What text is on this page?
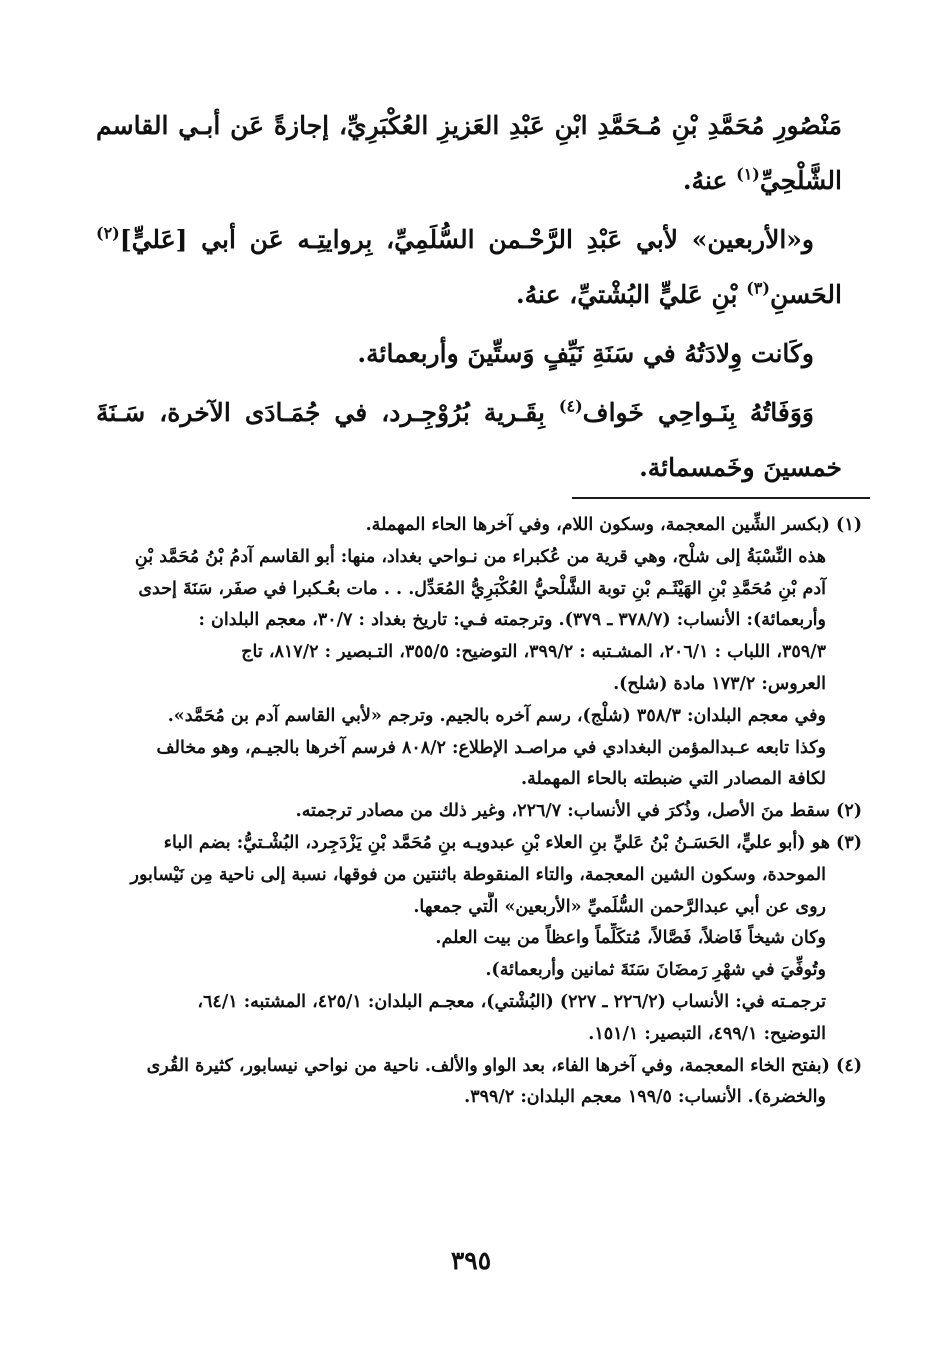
مَنْصُورِ مُحَمَّدِ بْنِ مُـحَمَّدِ ابْنِ عَبْدِ العَزيزِ العُكْبَرِيِّ، إجازةً عَن أبـي القاسم الشَّلْحِيِّ$^{(١)}$ عنهُ.

و«الأربعين» لأبي عَبْدِ الرَّحْـمن السُّلَمِيِّ، بِروايتِـه عَن أبي [عَليٍّ]$^{(٢)}$ الحَسنِ$^{(٣)}$ بْنِ عَليٍّ البُشْتيِّ، عنهُ.

وكَانت وِلادَتُهُ في سَنَةِ نَيِّفٍ وَستِّينَ وأربعمائة.

وَوَفَاتُهُ بِنَـواحِي خَواف$^{(٤)}$ بِقَـرية بُرُوْجِـرد، في جُمَـادَى الآخرة، سَـنَةَ خمسينَ وخَمسمائة.

(١) (بكسر الشِّين المعجمة، وسكون اللام، وفي آخرها الحاء المهملة.
هذه النِّسْبَةُ إلى شلْح، وهي قرية من عُكبراء من نـواحي بغداد، منها: أبو القاسم آدمُ بْنُ مُحَمَّد بْنِ
آدم بْنِ مُحَمَّدِ بْنِ الهَيْثَـم بْنِ توبة الشَّلْحيُّ العُكْبَرِيُّ المُعَدِّل. . . مات بعُـكبرا في صفَر، سَنَةَ إحدى
وأربعمائة): الأنساب: (٣٧٨/٧ ـ ٣٧٩). وترجمته فـي: تاريخ بغداد : ٣٠/٧، معجم البلدان :
٣٥٩/٣، اللباب : ٢٠٦/١، المشـتبه : ٣٩٩/٢، التوضيح: ٣٥٥/٥، التـبصير : ٨١٧/٢، تاج
العروس: ١٧٣/٢ مادة (شلح).
وفي معجم البلدان: ٣٥٨/٣ (شلْج)، رسم آخره بالجيم. وترجم «لأبي القاسم آدم بن مُحَمَّد».
وكذا تابعه عـبدالمؤمن البغدادي في مراصـد الإطلاع: ٨٠٨/٢ فرسم آخرها بالجيـم، وهو مخالف
لكافة المصادر التي ضبطته بالحاء المهملة.
(٢) سقط منَ الأصل، وذُكرَ في الأنساب: ٢٢٦/٧، وغير ذلك من مصادر ترجمته.
(٣) هو (أبو عليٍّ، الحَسَـنُ بْنُ عَليِّ بنِ العلاء بْنِ عبدويـه بنِ مُحَمَّد بْنِ يَزْدَجِرد، البُشْـتيُّ: بضم الباء
الموحدة، وسكون الشين المعجمة، والتاء المنقوطة باثنتين من فوقها، نسبة إلى ناحية مِن نَيْسابور
روى عن أبي عبدالرَّحمن السُّلَميِّ «الأربعين» الَّتي جمعها.
وكان شيخاً فَاضلاً، فَصَّالاً، مُتكَلِّماً واعظاً من بيت العلم.
وتُوفِّيَ في شهْرِ رَمضَانَ سَنَةَ ثمانين وأربعمائة).
ترجمـته في: الأنساب (٢٢٦/٢ ـ ٢٢٧) (البُشْتي)، معجـم البلدان: ٤٢٥/١، المشتبه: ٦٤/١،
التوضيح: ٤٩٩/١، التبصير: ١٥١/١.
(٤) (بفتح الخاء المعجمة، وفي آخرها الفاء، بعد الواو والألف. ناحية من نواحي نيسابور، كثيرة القُرى
والخضرة). الأنساب: ١٩٩/٥ معجم البلدان: ٣٩٩/٢.
٣٩٥
